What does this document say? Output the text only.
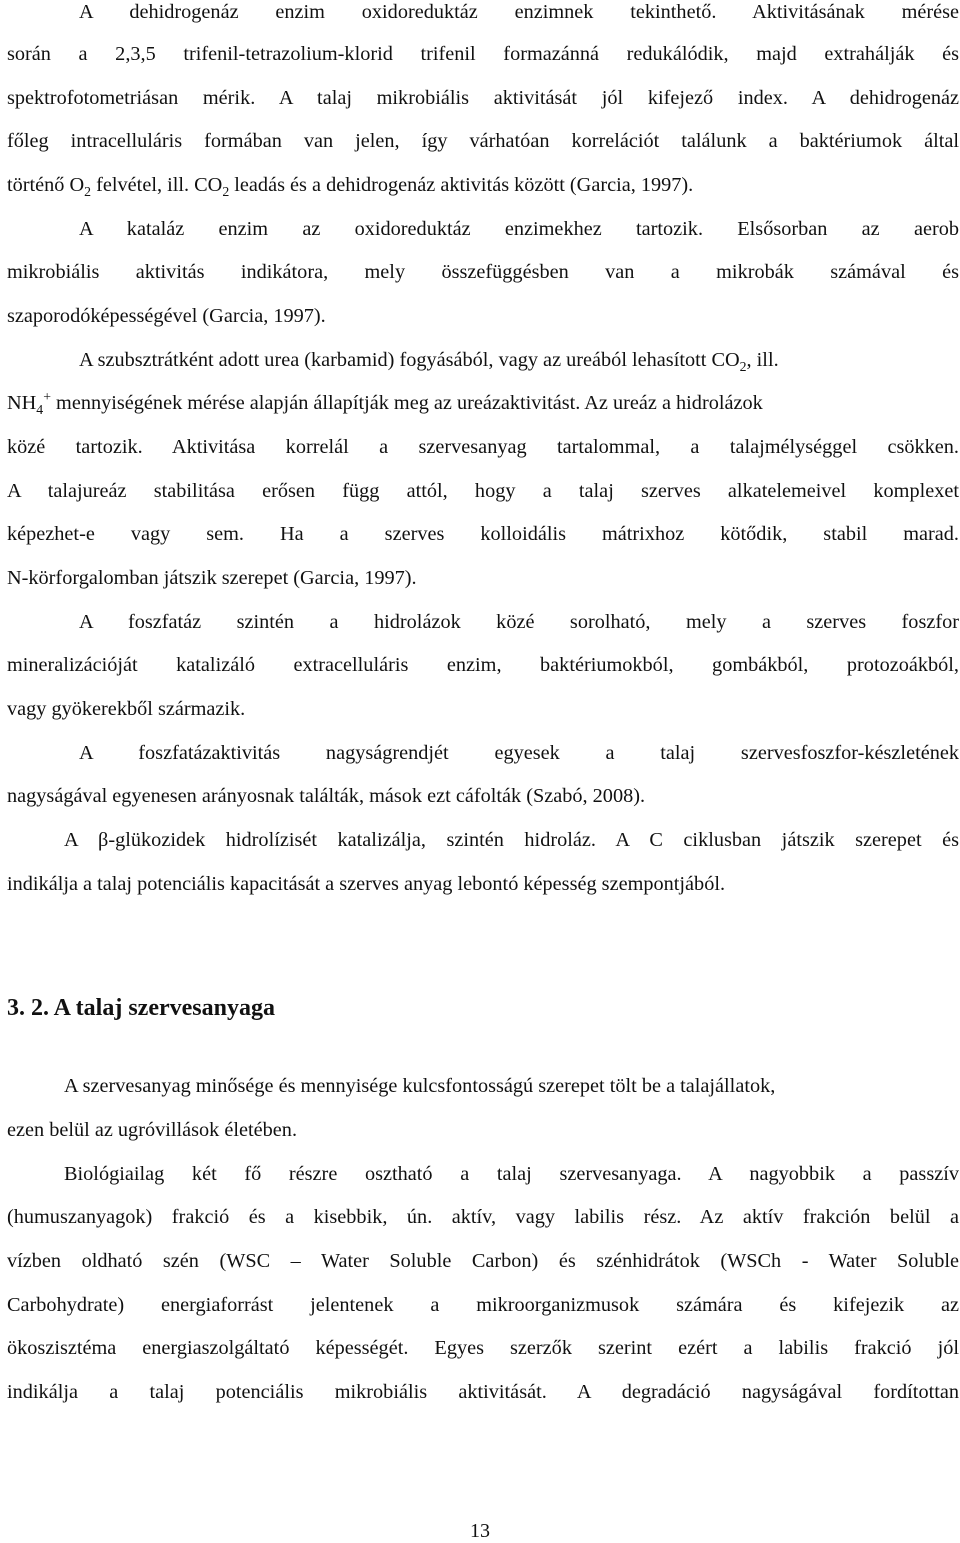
A dehidrogenáz enzim oxidoreduktáz enzimnek tekinthető. Aktivitásának mérése
során a 2,3,5 trifenil-tetrazolium-klorid trifenil formazánná redukálódik, majd extrahálják és
spektrofotometriásan mérik. A talaj mikrobiális aktivitását jól kifejező index. A dehidrogenáz
főleg intracelluláris formában van jelen, így várhatóan korrelációt találunk a baktériumok által
történő $O_2$ felvétel, ill. $CO_2$ leadás és a dehidrogenáz aktivitás között (Garcia, 1997).
A kataláz enzim az oxidoreduktáz enzimekhez tartozik. Elsősorban az aerob
mikrobiális aktivitás indikátora, mely összefüggésben van a mikrobák számával és
szaporodóképességével (Garcia, 1997).
A szubsztrátként adott urea (karbamid) fogyásából, vagy az ureából lehasított $CO_2$, ill.
$NH_4^+$ mennyiségének mérése alapján állapítják meg az ureázaktivitást. Az ureáz a hidrolázok
közé tartozik. Aktivitása korrelál a szervesanyag tartalommal, a talajmélységgel csökken.
A talajureáz stabilitása erősen függ attól, hogy a talaj szerves alkatelemeivel komplexet
képezhet-e vagy sem. Ha a szerves kolloidális mátrixhoz kötődik, stabil marad.
N-körforgalomban játszik szerepet (Garcia, 1997).
A foszfatáz szintén a hidrolázok közé sorolható, mely a szerves foszfor
mineralizációját katalizáló extracelluláris enzim, baktériumokból, gombákból, protozoákból,
vagy gyökerekből származik.
A foszfatázaktivitás nagyságrendjét egyesek a talaj szervesfoszfor-készletének
nagyságával egyenesen arányosnak találták, mások ezt cáfolták (Szabó, 2008).
A β-glükozidek hidrolízisét katalizálja, szintén hidroláz. A C ciklusban játszik szerepet és
indikálja a talaj potenciális kapacitását a szerves anyag lebontó képesség szempontjából.
3. 2. A talaj szervesanyaga
A szervesanyag minősége és mennyisége kulcsfontosságú szerepet tölt be a talajállatok,
ezen belül az ugróvillások életében.
Biológiailag két fő részre osztható a talaj szervesanyaga. A nagyobbik a passzív
(humuszanyagok) frakció és a kisebbik, ún. aktív, vagy labilis rész. Az aktív frakción belül a
vízben oldható szén (WSC – Water Soluble Carbon) és szénhidrátok (WSCh - Water Soluble
Carbohydrate) energiaforrást jelentenek a mikroorganizmusok számára és kifejezik az
ökoszisztéma energiaszolgáltató képességét. Egyes szerzők szerint ezért a labilis frakció jól
indikálja a talaj potenciális mikrobiális aktivitását. A degradáció nagyságával fordítottan
13
